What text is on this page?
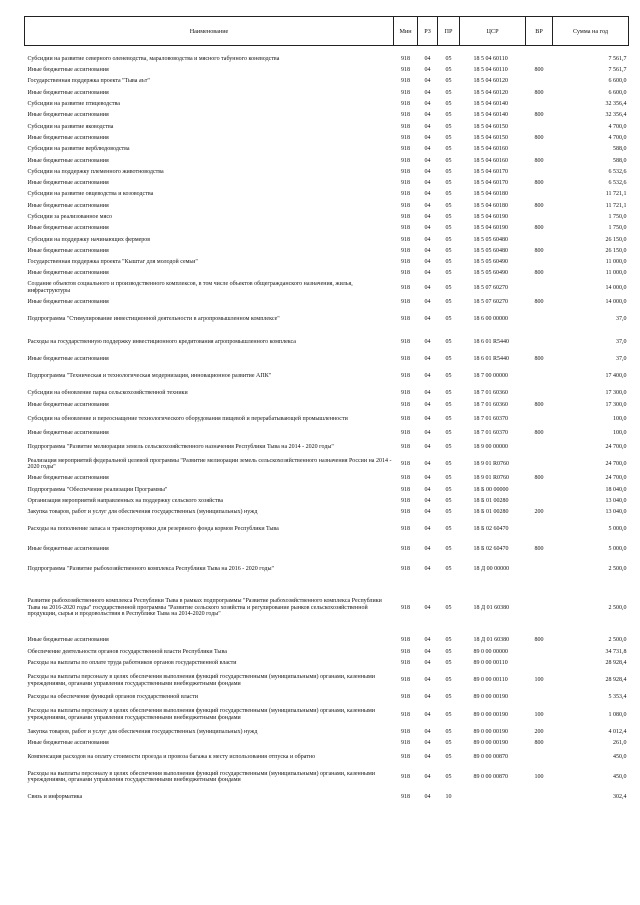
Наименование	Мин	РЗ	ПР	ЦСР	ВР	Сумма на год

Субсидии на развитие северного оленеводства, маралововодства и мясного табунного коневодства	918	04	05	18 5 04 60110		7 561,7
Иные бюджетные ассигнования	918	04	05	18 5 04 60110	800	7 561,7
Государственная поддержка проекта "Тыва аът"	918	04	05	18 5 04 60120		6 600,0
Иные бюджетные ассигнования	918	04	05	18 5 04 60120	800	6 600,0
Субсидии на развитие птицеводства	918	04	05	18 5 04 60140		32 356,4
Иные бюджетные ассигнования	918	04	05	18 5 04 60140	800	32 356,4
Субсидии на развитие яководства	918	04	05	18 5 04 60150		4 700,0
Иные бюджетные ассигнования	918	04	05	18 5 04 60150	800	4 700,0
Субсидии на развитие верблюдоводства	918	04	05	18 5 04 60160		588,0
Иные бюджетные ассигнования	918	04	05	18 5 04 60160	800	588,0
Субсидии на поддержку племенного животноводства	918	04	05	18 5 04 60170		6 532,6
Иные бюджетные ассигнования	918	04	05	18 5 04 60170	800	6 532,6
Субсидии на развитие овцеводства и козоводства	918	04	05	18 5 04 60180		11 721,1
Иные бюджетные ассигнования	918	04	05	18 5 04 60180	800	11 721,1
Субсидии за реализованное мясо	918	04	05	18 5 04 60190		1 750,0
Иные бюджетные ассигнования	918	04	05	18 5 04 60190	800	1 750,0
Субсидии на поддержку начинающих фермеров	918	04	05	18 5 05 60480		26 150,0
Иные бюджетные ассигнования	918	04	05	18 5 05 60480	800	26 150,0
Государственная поддержка проекта "Кыштаг для молодой семьи"	918	04	05	18 5 05 60490		11 000,0
Иные бюджетные ассигнования	918	04	05	18 5 05 60490	800	11 000,0
Создание объектов социального и производственного комплексов, в том числе объектов общегражданского назначения, жилья, инфраструктуры	918	04	05	18 5 07 60270		14 000,0
Иные бюджетные ассигнования	918	04	05	18 5 07 60270	800	14 000,0
Подпрограмма "Стимулирование инвестиционной деятельности в агропромышленном комплексе"	918	04	05	18 6 00 00000		37,0
Расходы на государственную поддержку инвестиционного кредитования агропромышленного комплекса	918	04	05	18 6 01 R5440		37,0
Иные бюджетные ассигнования	918	04	05	18 6 01 R5440	800	37,0
Подпрограмма "Техническая и технологическая модернизация, инновационное развитие АПК"	918	04	05	18 7 00 00000		17 400,0
Субсидии на обновление парка сельскохозяйственной техники	918	04	05	18 7 01 60360		17 300,0
Иные бюджетные ассигнования	918	04	05	18 7 01 60360	800	17 300,0
Субсидии на обновление и переоснащение технологического оборудования пищевой и перерабатывающей промышленности	918	04	05	18 7 01 60370		100,0
Иные бюджетные ассигнования	918	04	05	18 7 01 60370	800	100,0
Подпрограмма "Развитие мелиорации земель сельскохозяйственного назначения Республики Тыва на 2014 - 2020 годы"	918	04	05	18 9 00 00000		24 700,0
Реализация мероприятий федеральной целевой программы "Развитие мелиорации земель сельскохозяйственного назначения России на 2014 - 2020 годы"	918	04	05	18 9 01 R0760		24 700,0
Иные бюджетные ассигнования	918	04	05	18 9 01 R0760	800	24 700,0
Подпрограмма "Обеспечение реализации Программы"	918	04	05	18 Б 00 00000		18 040,0
Организация мероприятий направленных на поддержку сельского хозяйства	918	04	05	18 Б 01 00280		13 040,0
Закупка товаров, работ и услуг для обеспечения государственных (муниципальных) нужд	918	04	05	18 Б 01 00280	200	13 040,0
Расходы на пополнение запаса и транспортировки для резервного фонда кормов Республики Тыва	918	04	05	18 Б 02 60470		5 000,0
Иные бюджетные ассигнования	918	04	05	18 Б 02 60470	800	5 000,0
Подпрограмма "Развитие рыбохозяйственного комплекса Республики Тыва на 2016 - 2020 годы"	918	04	05	18 Д 00 00000		2 500,0
Развитие рыбохозяйственного комплекса Республики Тыва в рамках подпрограммы "Развитие рыбохозяйственного комплекса Республики Тыва на 2016-2020 годы" государственной программы "Развитие сельского хозяйства и регулирование рынков сельскохозяйственной продукции, сырья и продовольствия в Республике Тыва на 2014-2020 годы"	918	04	05	18 Д 01 60380		2 500,0
Иные бюджетные ассигнования	918	04	05	18 Д 01 60380	800	2 500,0
Обеспечение деятельности органов государственной власти Республики Тыва	918	04	05	89 0 00 00000		34 731,8
Расходы на выплаты по оплате труда работников органов государственной власти	918	04	05	89 0 00 00110		28 928,4
Расходы на выплаты персоналу в целях обеспечения выполнения функций государственными (муниципальными) органами, казенными учреждениями, органами управления государственными внебюджетными фондами	918	04	05	89 0 00 00110	100	28 928,4
Расходы на обеспечение функций органов государственной власти	918	04	05	89 0 00 00190		5 353,4
Расходы на выплаты персоналу в целях обеспечения выполнения функций государственными (муниципальными) органами, казенными учреждениями, органами управления государственными внебюджетными фондами	918	04	05	89 0 00 00190	100	1 080,0
Закупка товаров, работ и услуг для обеспечения государственных (муниципальных) нужд	918	04	05	89 0 00 00190	200	4 012,4
Иные бюджетные ассигнования	918	04	05	89 0 00 00190	800	261,0
Компенсация расходов на оплату стоимости проезда и провоза багажа к месту использования отпуска и обратно	918	04	05	89 0 00 00870		450,0
Расходы на выплаты персоналу в целях обеспечения выполнения функций государственными (муниципальными) органами, казенными учреждениями, органами управления государственными внебюджетными фондами	918	04	05	89 0 00 00870	100	450,0
Связь и информатика	918	04	10			302,4
